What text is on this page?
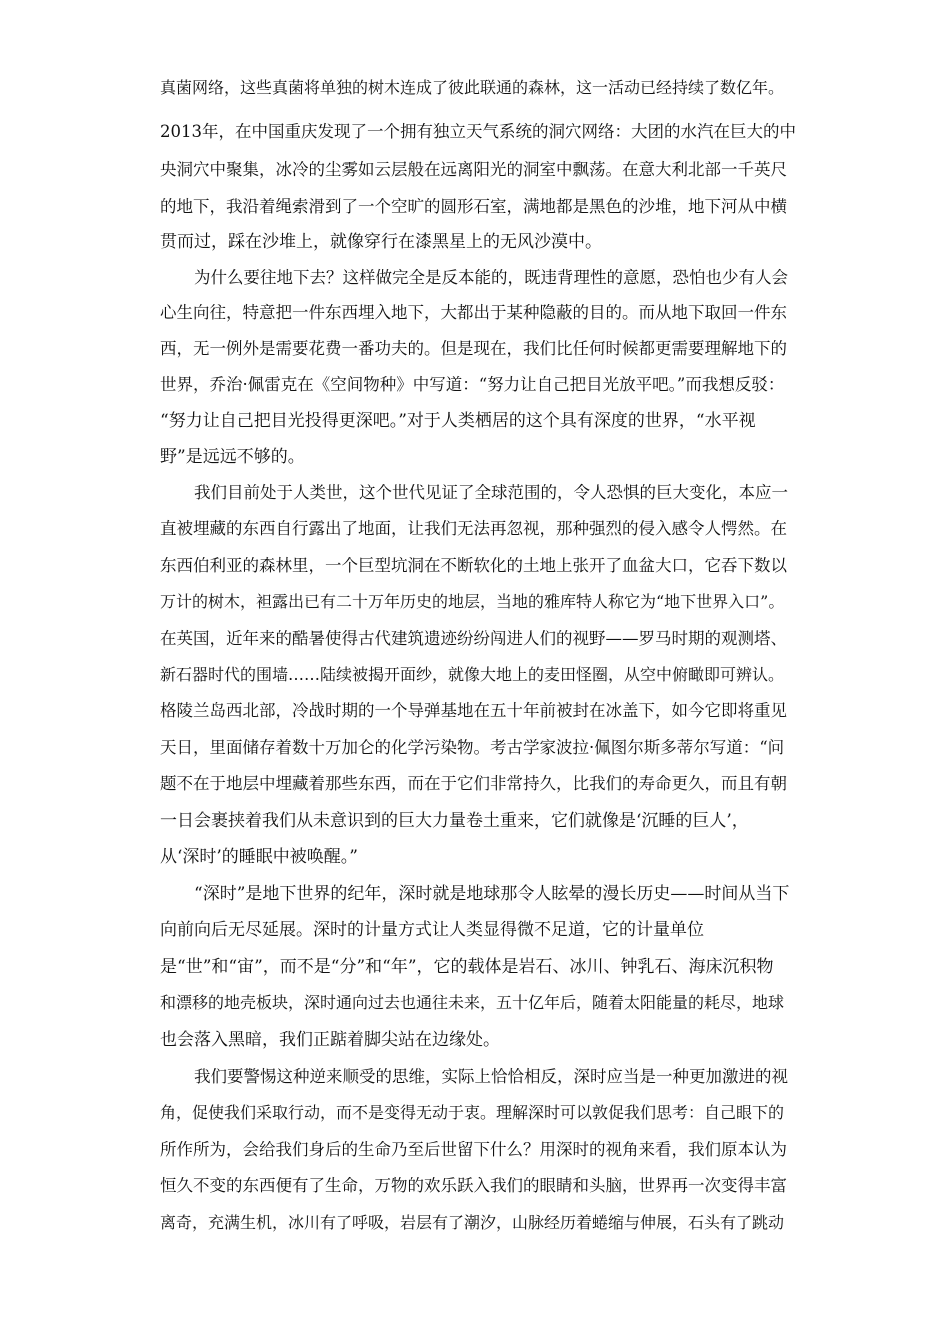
真菌网络，这些真菌将单独的树木连成了彼此联通的森林，这一活动已经持续了数亿年。
2013年，在中国重庆发现了一个拥有独立天气系统的洞穴网络：大团的水汽在巨大的中
央洞穴中聚集，冰冷的尘雾如云层般在远离阳光的洞室中飘荡。在意大利北部一千英尺
的地下，我沿着绳索滑到了一个空旷的圆形石室，满地都是黑色的沙堆，地下河从中横
贯而过，踩在沙堆上，就像穿行在漆黑星上的无风沙漠中。
为什么要往地下去？这样做完全是反本能的，既违背理性的意愿，恐怕也少有人会
心生向往，特意把一件东西埋入地下，大都出于某种隐蔽的目的。而从地下取回一件东
西，无一例外是需要花费一番功夫的。但是现在，我们比任何时候都更需要理解地下的
世界，乔治·佩雷克在《空间物种》中写道：“努力让自己把目光放平吧。”而我想反驳：
“努力让自己把目光投得更深吧。”对于人类栖居的这个具有深度的世界，“水平视
野”是远远不够的。
我们目前处于人类世，这个世代见证了全球范围的，令人恐惧的巨大变化，本应一
直被埋藏的东西自行露出了地面，让我们无法再忽视，那种强烈的侵入感令人愕然。在
东西伯利亚的森林里，一个巨型坑洞在不断软化的土地上张开了血盆大口，它吞下数以
万计的树木，袒露出已有二十万年历史的地层，当地的雅库特人称它为“地下世界入口”。
在英国，近年来的酷暑使得古代建筑遗迹纷纷闯进人们的视野——罗马时期的观测塔、
新石器时代的围墙……陆续被揭开面纱，就像大地上的麦田怪圈，从空中俯瞰即可辨认。
格陵兰岛西北部，冷战时期的一个导弹基地在五十年前被封在冰盖下，如今它即将重见
天日，里面储存着数十万加仑的化学污染物。考古学家波拉·佩图尔斯多蒂尔写道：“问
题不在于地层中埋藏着那些东西，而在于它们非常持久，比我们的寿命更久，而且有朝
一日会裹挟着我们从未意识到的巨大力量卷土重来，它们就像是‘沉睡的巨人’，
从‘深时’的睡眠中被唤醒。”
“深时”是地下世界的纪年，深时就是地球那令人眩晕的漫长历史——时间从当下
向前向后无尽延展。深时的计量方式让人类显得微不足道，它的计量单位
是“世”和“宙”，而不是“分”和“年”，它的载体是岩石、冰川、钟乳石、海床沉积物
和漂移的地壳板块，深时通向过去也通往未来，五十亿年后，随着太阳能量的耗尽，地球
也会落入黑暗，我们正踮着脚尖站在边缘处。
我们要警惕这种逆来顺受的思维，实际上恰恰相反，深时应当是一种更加激进的视
角，促使我们采取行动，而不是变得无动于衷。理解深时可以敦促我们思考：自己眼下的
所作所为，会给我们身后的生命乃至后世留下什么？用深时的视角来看，我们原本认为
恒久不变的东西便有了生命，万物的欢乐跃入我们的眼睛和头脑，世界再一次变得丰富
离奇，充满生机，冰川有了呼吸，岩层有了潮汐，山脉经历着蜷缩与伸展，石头有了跳动
